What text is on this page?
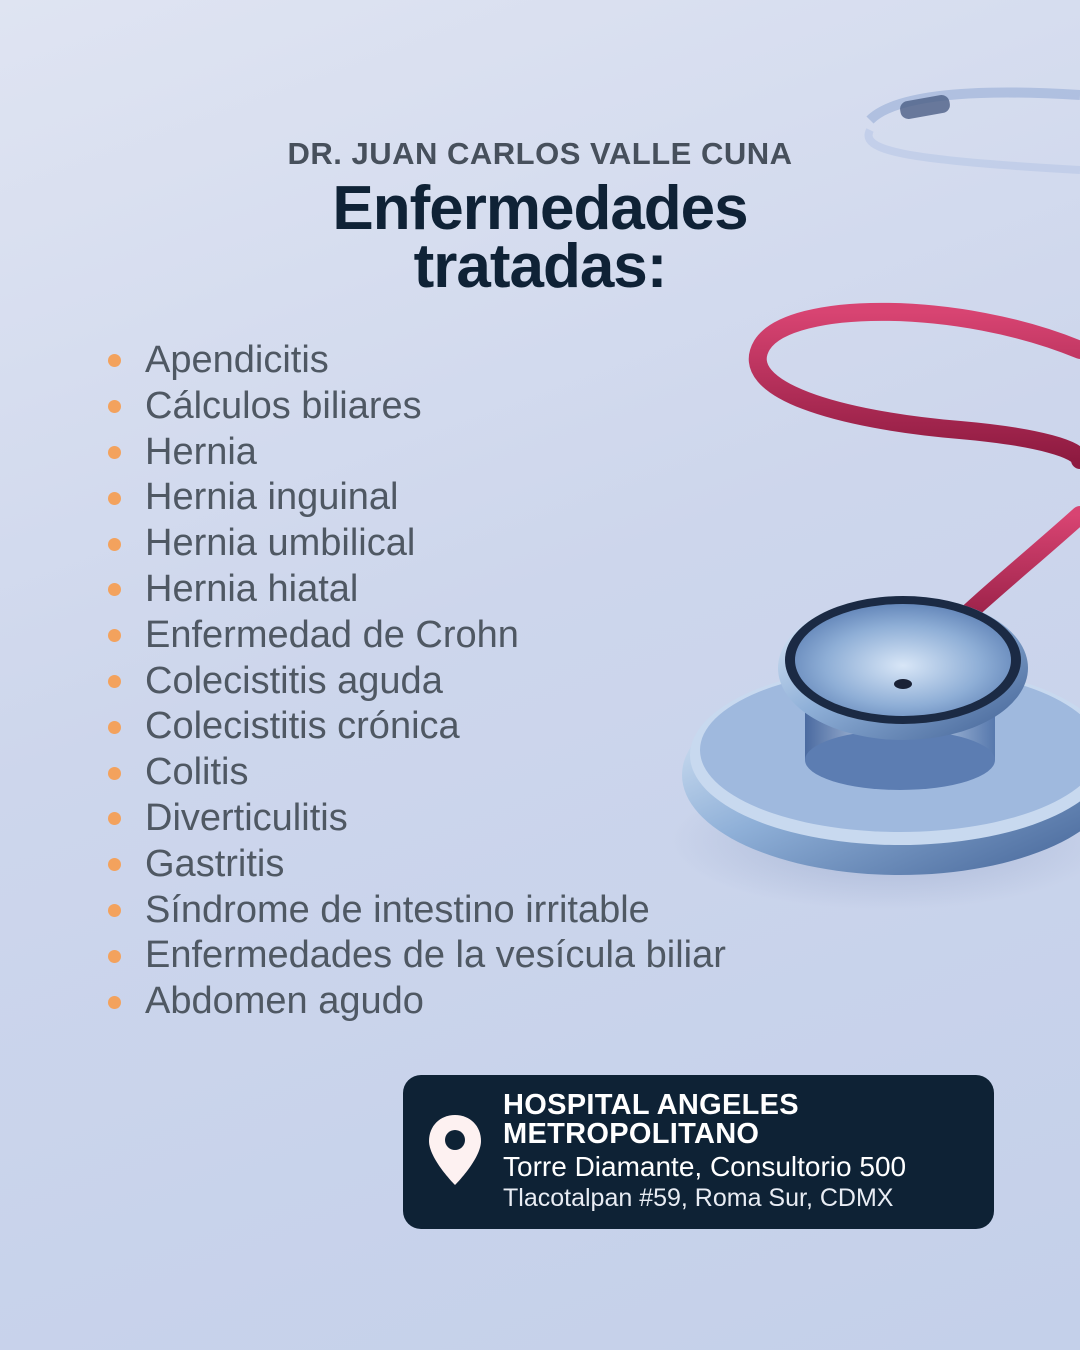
DR. JUAN CARLOS VALLE CUNA
Enfermedades
tratadas:
Apendicitis
Cálculos biliares
Hernia
Hernia inguinal
Hernia umbilical
Hernia hiatal
Enfermedad de Crohn
Colecistitis aguda
Colecistitis crónica
Colitis
Diverticulitis
Gastritis
Síndrome de intestino irritable
Enfermedades de la vesícula biliar
Abdomen agudo
HOSPITAL ANGELES
METROPOLITANO
Torre Diamante, Consultorio 500
Tlacotalpan #59, Roma Sur, CDMX
